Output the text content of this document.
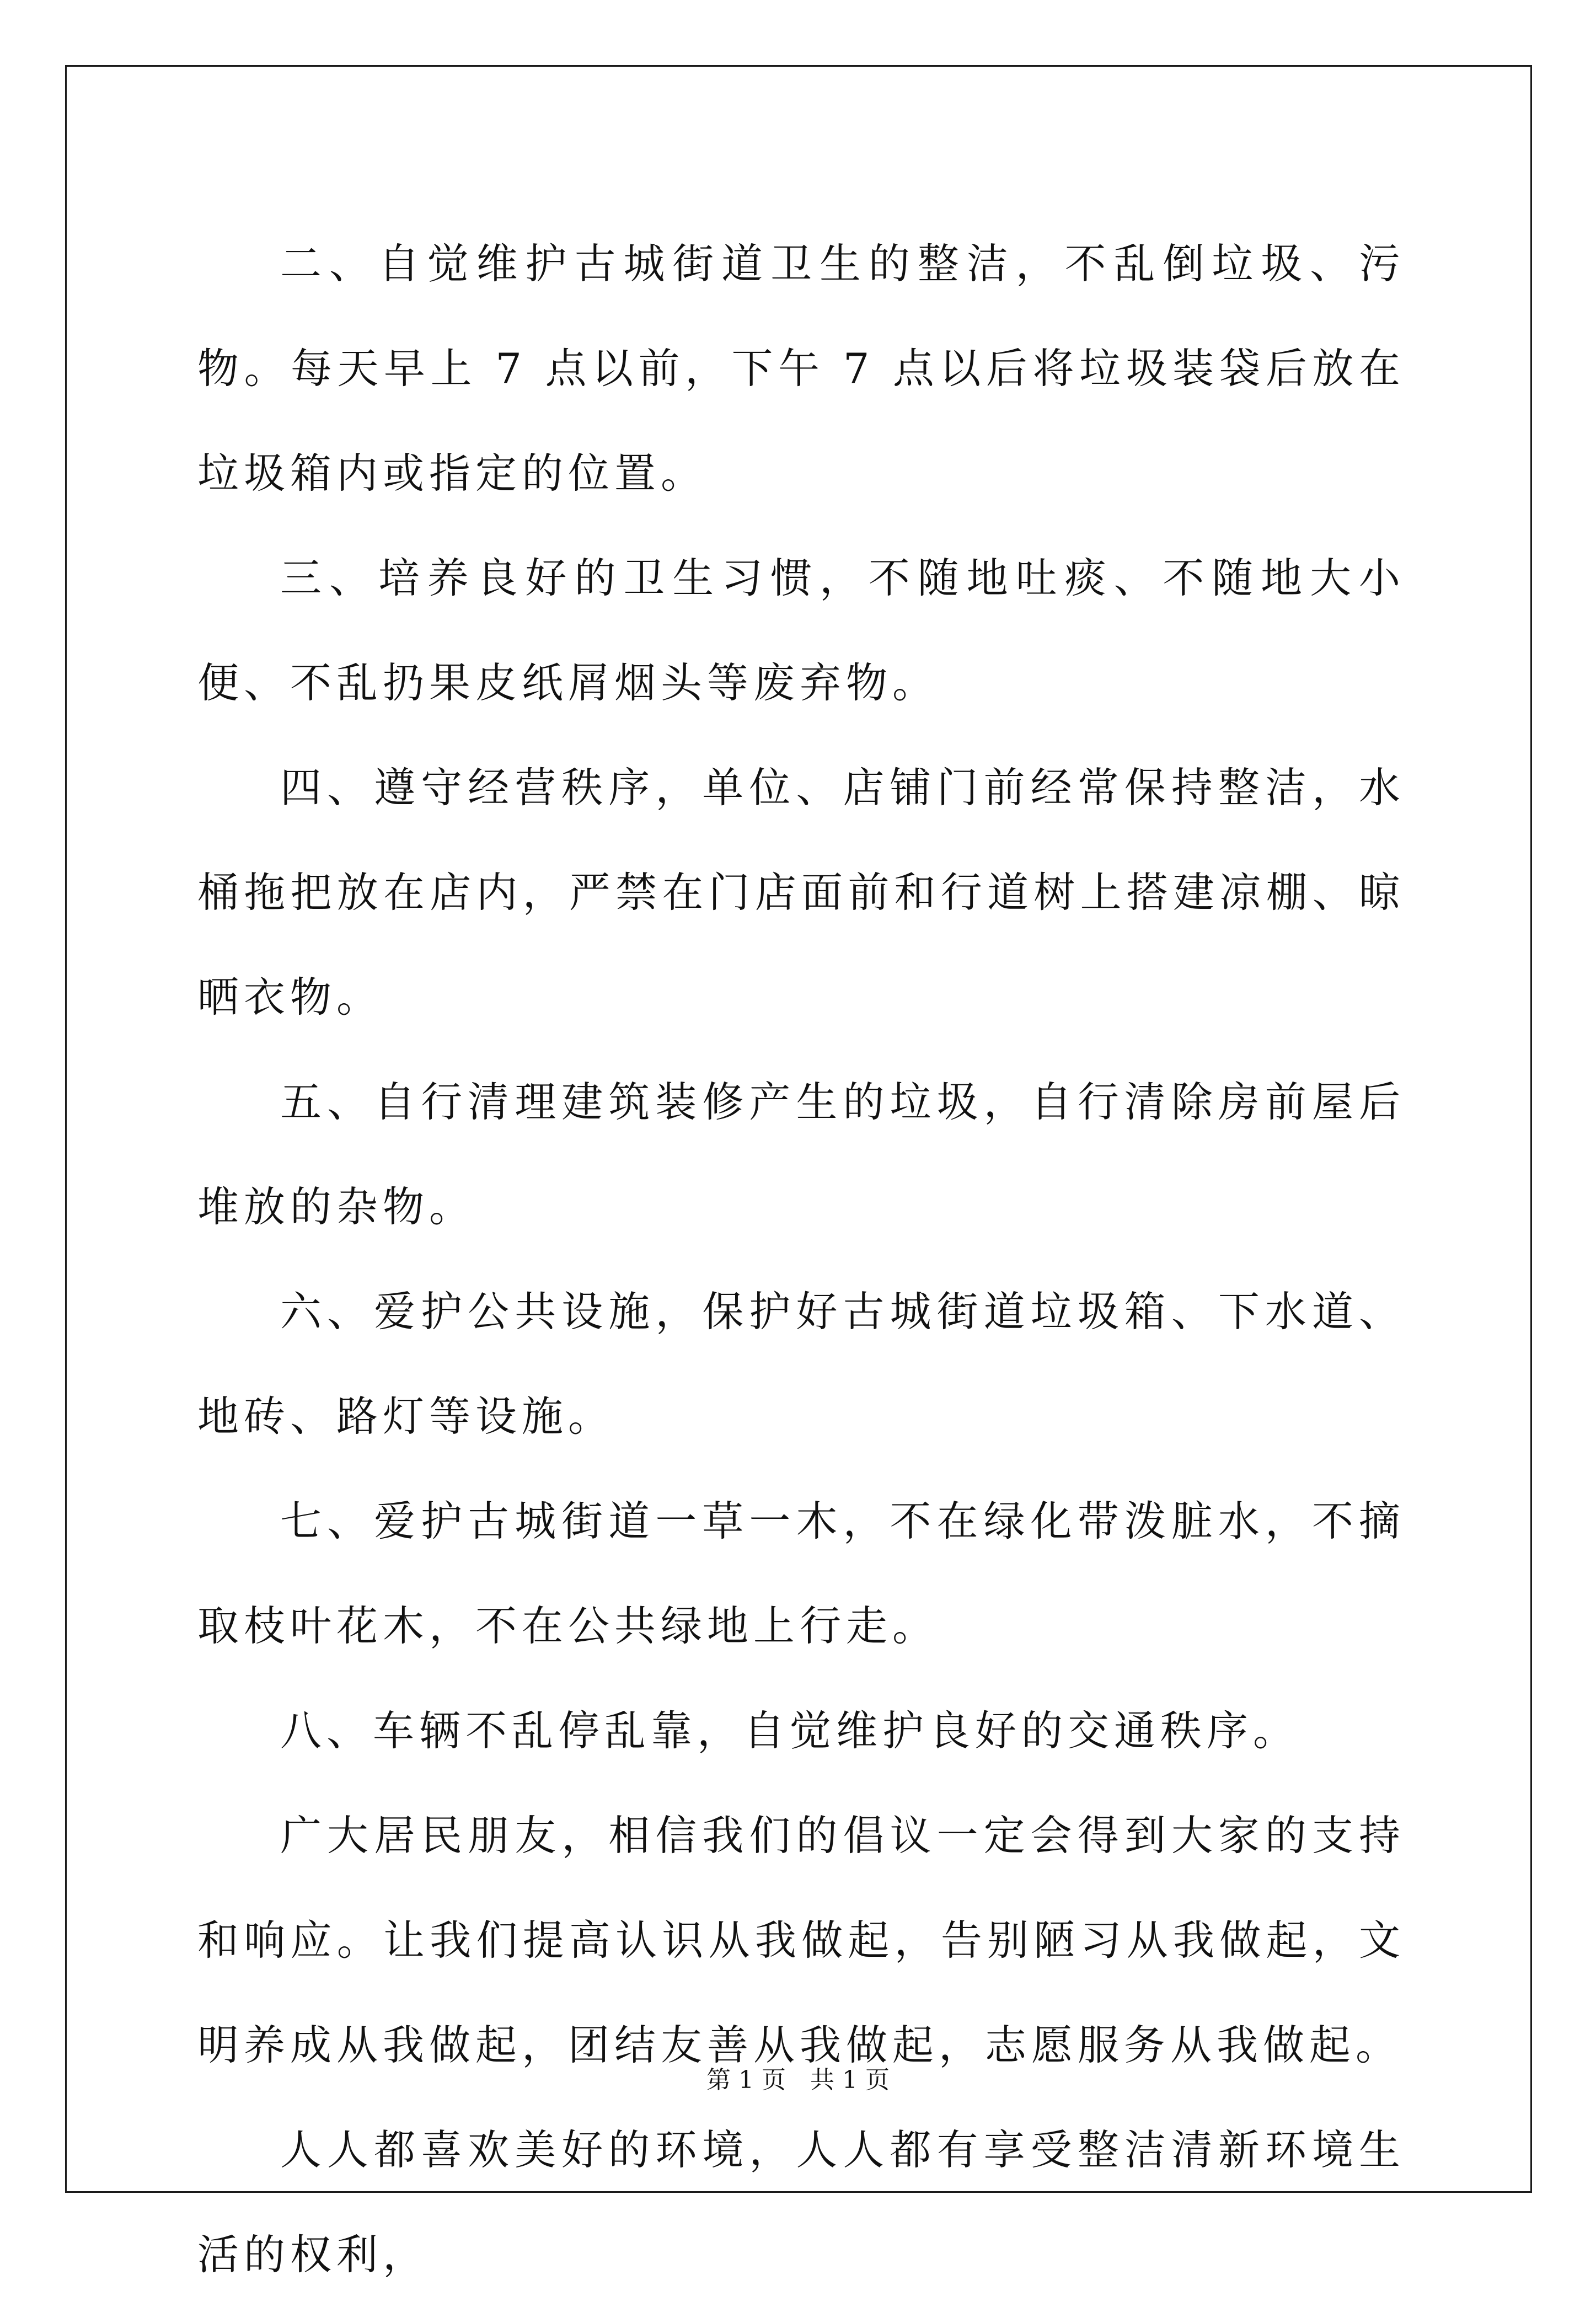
二、自觉维护古城街道卫生的整洁，不乱倒垃圾、污物。每天早上 7 点以前，下午 7 点以后将垃圾装袋后放在垃圾箱内或指定的位置。

三、培养良好的卫生习惯，不随地吐痰、不随地大小便、不乱扔果皮纸屑烟头等废弃物。

四、遵守经营秩序，单位、店铺门前经常保持整洁，水桶拖把放在店内，严禁在门店面前和行道树上搭建凉棚、晾晒衣物。

五、自行清理建筑装修产生的垃圾，自行清除房前屋后堆放的杂物。

六、爱护公共设施，保护好古城街道垃圾箱、下水道、地砖、路灯等设施。

七、爱护古城街道一草一木，不在绿化带泼脏水，不摘取枝叶花木，不在公共绿地上行走。

八、车辆不乱停乱靠，自觉维护良好的交通秩序。

广大居民朋友，相信我们的倡议一定会得到大家的支持和响应。让我们提高认识从我做起，告别陋习从我做起，文明养成从我做起，团结友善从我做起，志愿服务从我做起。

人人都喜欢美好的环境，人人都有享受整洁清新环境生活的权利，

第 1 页　共 1 页
